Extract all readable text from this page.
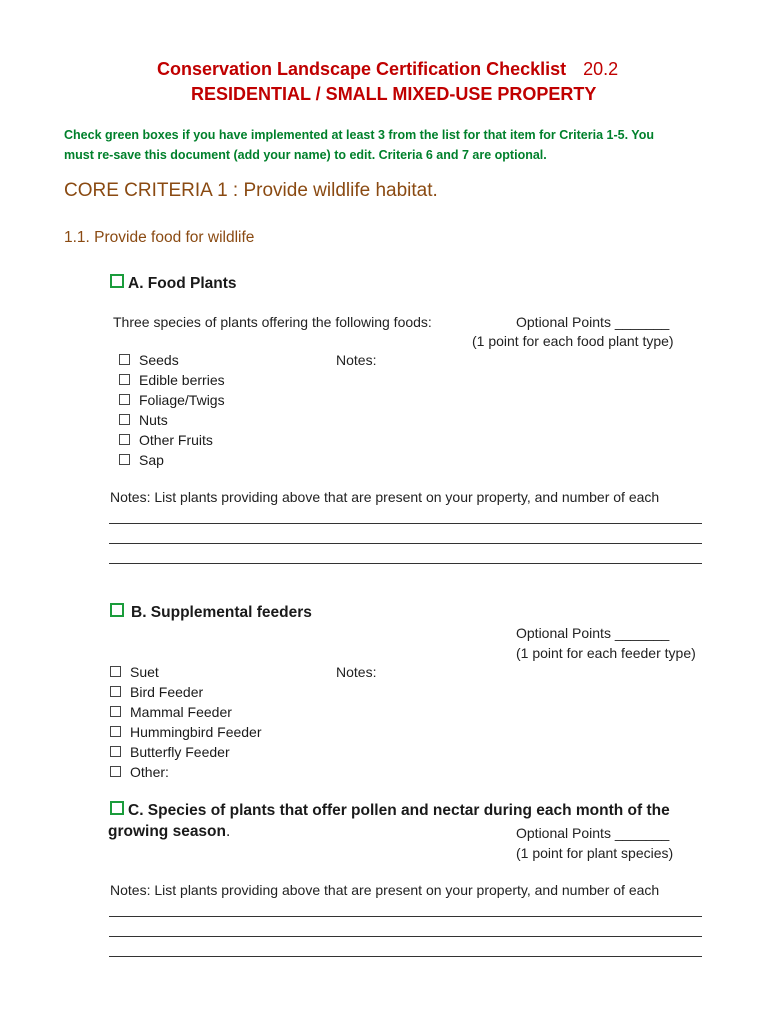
Conservation Landscape Certification Checklist 20.2
RESIDENTIAL / SMALL MIXED-USE PROPERTY
Check green boxes if you have implemented at least 3 from the list for that item for Criteria 1-5. You
must re-save this document (add your name) to edit. Criteria 6 and 7 are optional.
CORE CRITERIA 1 : Provide wildlife habitat.
1.1. Provide food for wildlife
A. Food Plants
Three species of plants offering the following foods:	Optional Points _______
(1 point for each food plant type)
Notes:
Seeds
Edible berries
Foliage/Twigs
Nuts
Other Fruits
Sap
Notes: List plants providing above that are present on your property, and number of each
B. Supplemental feeders
Optional Points _______
(1 point for each feeder type)
Notes:
Suet
Bird Feeder
Mammal Feeder
Hummingbird Feeder
Butterfly Feeder
Other:
C. Species of plants that offer pollen and nectar during each month of the
growing season.	Optional Points _______
(1 point for plant species)
Notes: List plants providing above that are present on your property, and number of each
